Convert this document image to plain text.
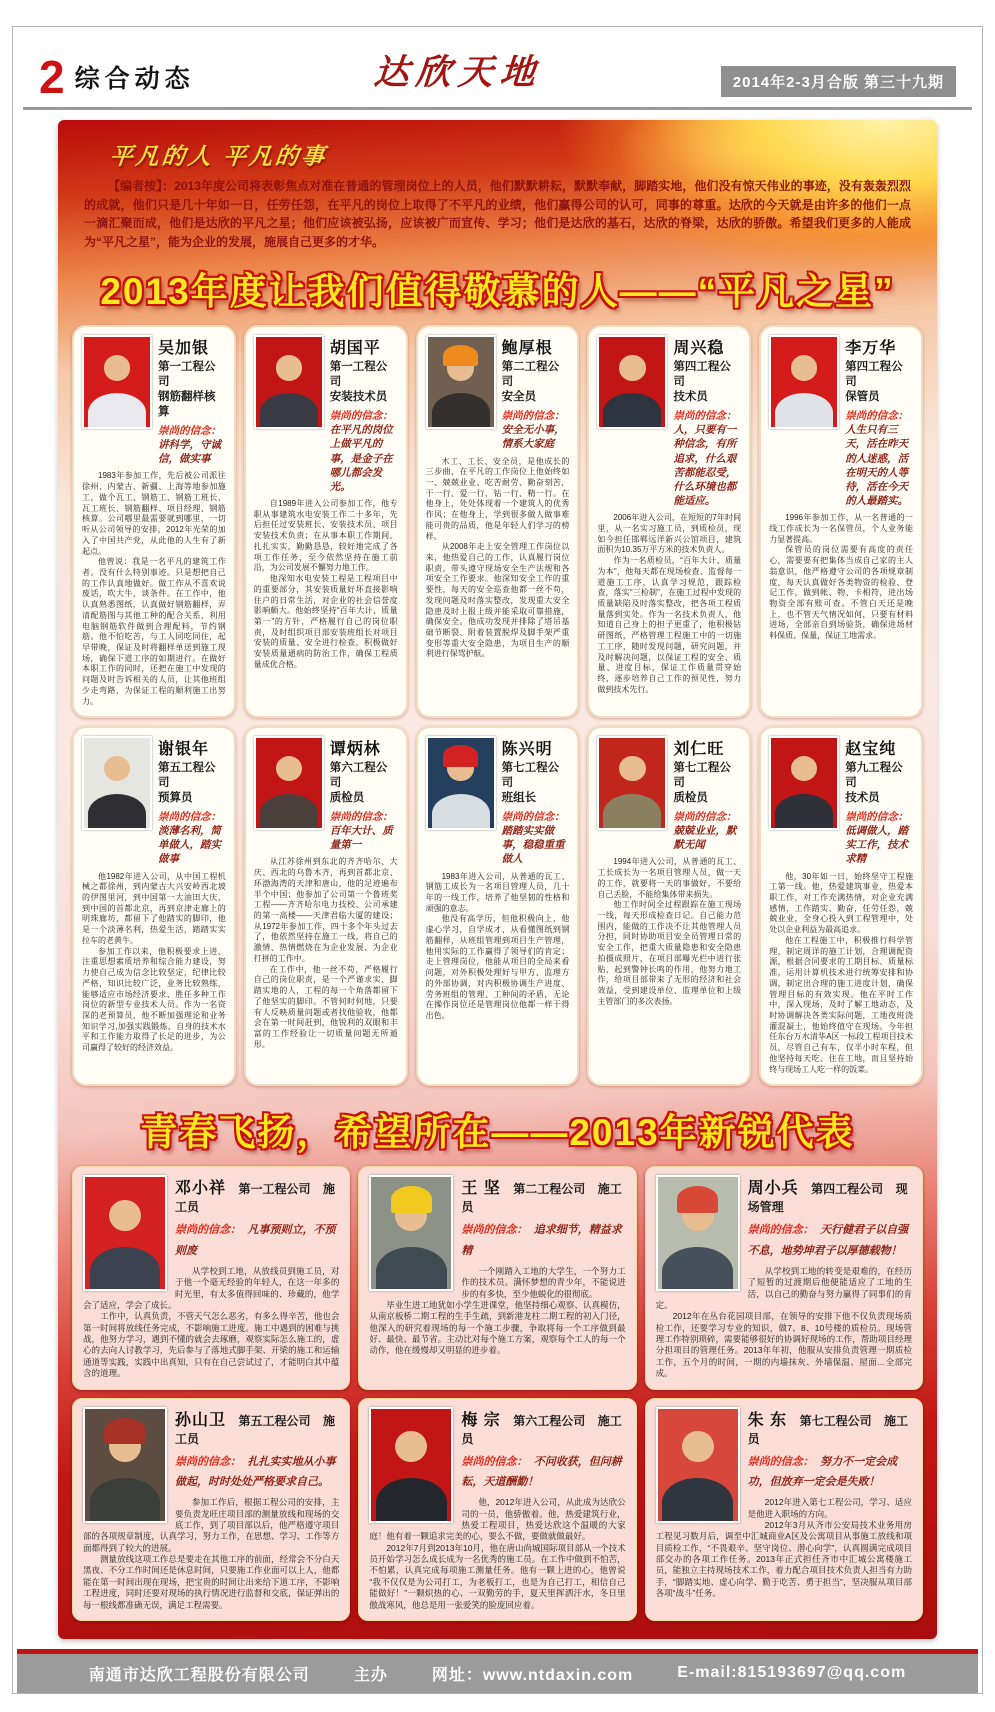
2 综合动态	达欣天地	2014年2-3月合版 第三十九期
平凡的人 平凡的事

【编者按】：2013年度公司将表彰焦点对准在普通的管理岗位上的人员，他们默默耕耘，默默奉献，脚踏实地，他们没有惊天伟业的事迹，没有轰轰烈烈的成就，他们只是几十年如一日，任劳任怨，在平凡的岗位上取得了不平凡的业绩，他们赢得公司的认可，同事的尊重。达欣的今天就是由许多的他们一点一滴汇聚而成，他们是达欣的平凡之星；他们应该被弘扬，应该被广而宣传、学习；他们是达欣的基石，达欣的脊梁，达欣的骄傲。希望我们更多的人能成为“平凡之星”，能为企业的发展，施展自己更多的才华。

2013年度让我们值得敬慕的人——“平凡之星”
吴加银
第一工程公司
钢筋翻样核算
崇尚的信念：
讲科学，守诚信，做实事

1983年参加工作，先后被公司派往徐州、内蒙古、新疆、上海等地参加施工，做个瓦工、钢筋工、钢筋工班长、瓦工班长、钢筋翻样、项目经理、钢筋核算。公司哪里最需要就到哪里，一切听从公司领导的安排，2012年光荣的加入了中国共产党，从此他的人生有了新起点。

他曾说：我是一名平凡的建筑工作者。没有什么特别事迹。只是想把自己的工作认真地做好。做工作从不喜欢说废话，吹大牛，谈条件。在工作中，他认真熟悉图纸，认真做好钢筋翻样，弄清配筋图与其他工种的配合关系，利用电脑钢筋软件做到合理配料，节约钢筋。他不怕吃苦，与工人同吃同住，起早带晚，保证及时将翻样单送到施工现场，确保下道工序的如期进行。在做好本职工作的同时，还把在施工中发现的问题及时告诉相关的人员，让其他班组少走弯路，为保证工程的顺利施工出努力。

胡国平
第一工程公司
安装技术员
崇尚的信念：
在平凡的岗位上做平凡的事，是金子在哪儿都会发光。

自1989年进入公司参加工作，他专职从事建筑水电安装工作二十多年，先后担任过安装班长、安装技术员、项目安装技术负责；在从事本职工作期间，扎扎实实，勤勤恳恳，较好地完成了各项工作任务，至今依然坚持在施工前沿，为公司发展不懈努力地工作。

他深知水电安装工程是工程项目中的重要部分，其安装质量好坏直接影响住户的日常生活，对企业的社会信誉度影响颇大。他始终坚持“百年大计、质量第一”的方针，严格履行自己的岗位职责，及时组织项目部安装班组长对项目安装的质量、安全进行检查，积极做好安装质量通病的防治工作，确保工程质量成优合格。

鲍厚根
第二工程公司
安全员
崇尚的信念：
安全无小事，情系大家庭

木工、工长、安全员，是他成长的三步曲，在平凡的工作岗位上他始终如一、兢兢业业、吃苦耐劳、勤奋刻苦，干一行、爱一行，钻一行、精一行。在他身上，处处体现着一个建筑人的优秀作风；在他身上，学到很多做人做事难能可贵的品质，他是年轻人们学习的榜样。

从2008年走上安全管理工作岗位以来，他热爱自己的工作，认真履行岗位职责，带头遵守现场安全生产法规和各项安全工作要求。他深知安全工作的重要性，每天的安全巡查他都一丝不苟，发现问题及时落实整改，发现重大安全隐患及时上报上级并能采取可靠措施，确保安全。他成功发现并排除了塔吊基础节断裂、附着装置脱焊及脚手架严重变形等重大安全隐患，为项目生产的顺利进行保驾护航。

周兴稳
第四工程公司
技术员
崇尚的信念：
人，只要有一种信念，有所追求，什么艰苦都能忍受，什么环境也都能适应。

2006年进入公司，在短短的7年时间里，从一名实习施工员，到质检员，现如今担任邯郸远洋新兴公馆项目，建筑面积为10.35万平方米的技术负责人。

作为一名质检员，“百年大计、质量为本”，他每天都在现场检查、监督每一道施工工序，认真学习规范，跟踪检查，落实“三检制”，在施工过程中发现的质量缺陷及时落实整改，把各项工程质量落到实处。作为一名技术负责人，他知道自己身上的担子更重了，他积极钻研图纸，严格管理工程施工中的一切施工工序，随时发现问题，研究问题，并及时解决问题，以保证工程的安全、质量、进度目标，保证工作质量贯穿始终，逐步培养自己工作的预见性，努力做到技术先行。

李万华
第四工程公司
保管员
崇尚的信念：
人生只有三天，活在昨天的人迷惑，活在明天的人等待，活在今天的人最踏实。

1996年参加工作，从一名普通的一线工作成长为一名保管员，个人业务能力显著提高。

保管员的岗位需要有高度的责任心，需要要有把集体当成自己家的主人翁意识，他严格遵守公司的各项规章制度，每天认真做好各类物资的检验、登记工作，做到帐、物、卡相符，进出场物资全部有账可查。不管白天还是晚上，也不管天气情况如何，只要有材料进场，全部亲自到场验货，确保进场材料保质、保量，保证工地需求。

谢银年
第五工程公司
预算员
崇尚的信念：
淡薄名利，简单做人，踏实做事

他1982年进入公司，从中国工程机械之都徐州，到内蒙古大兴安岭西北坡的伊图里河，到中国第一大油田大庆，到中国的首都北京，再到京津走廊上的明珠廊坊，都留下了他踏实的脚印，他是一个淡薄名利，热爱生活，踏踏实实拉车的老黄牛。

参加工作以来，他积极要求上进，注重思想素质培养和综合能力建设，努力使自己成为信念比较坚定，纪律比较严格，知识比较广泛，业务比较熟练，能够适应市场经济要求、胜任多种工作岗位的新型专业技术人员。作为一名资深的老预算员，他不断加强理论和业务知识学习,加强实践锻炼，自身的技术水平和工作能力取得了长足的进步，为公司赢得了较好的经济效益。

谭炳林
第六工程公司
质检员
崇尚的信念：
百年大计、质量第一

从江苏徐州到东北的齐齐哈尔、大庆、西北的乌鲁木齐，再到首都北京、环渤海湾的天津和唐山，他的足迹遍布半个中国；他参加了公司第一个鲁班奖工程——齐齐哈尔电力技校、公司承建的第一高楼——天津君临大厦的建设；从1972年参加工作，四十多个年头过去了，他依然坚持在施工一线，将自己的激情、热情燃烧在为企业发展、为企业打拼的工作中。

在工作中，他一丝不苟，严格履行自己的岗位职责，是一个严谨求实、脚踏实地的人，工程的每一个角落都留下了他坚实的脚印。不管何时何地，只要有人反映质量问题或者找他验收，他都会在第一时间赶到，他锐利的双眼和丰富的工作经验让一切质量问题无所遁形。

陈兴明
第七工程公司
班组长
崇尚的信念：
踏踏实实做事，稳稳重重做人

1983年进入公司，从普通的瓦工、钢筋工成长为一名项目管理人员，几十年的一线工作，培养了他坚韧的性格和顽强的意志。

他没有高学历，但他积极向上，他虚心学习，自学成才，从看懂图纸到钢筋翻样，从班组管理到项目生产管理，他用实际的工作赢得了领导们的肯定；走上管理岗位，他能从项目的全局来看问题，对外积极处理好与甲方、监理方的外部协调，对内积极协调生产进度、劳务班组的管理、工种间的矛盾，无论在操作岗位还是管理岗位他都一样干得出色。

刘仁旺
第七工程公司
质检员
崇尚的信念：
兢兢业业，默默无闻

1994年进入公司，从普通的瓦工、工长成长为一名项目管理人员，做一天的工作，就要将一天的事做好，不要给自己丢脸，不能给集体带来损失。

他工作时间全过程跟踪在施工现场一线，每天形成检查日记。自己能力范围内，能做的工作决不让其他管理人员分担，同时协助项目安全员管理日常的安全工作，把重大质量隐患和安全隐患拍摄成照片，在项目部曝光栏中进行张贴，起到警钟长鸣的作用，他努力地工作，给项目部带来了无形的经济和社会效益，受到建设单位、监理单位和上级主管部门的多次表扬。

赵宝纯
第九工程公司
技术员
崇尚的信念：
低调做人，踏实工作，技术求精

他，30年如一日，始终坚守工程施工第一线。他，热爱建筑事业，热爱本职工作，对工作充满热情，对企业充满感情，工作踏实、勤奋，任劳任怨，兢兢业业，全身心投入到工程管理中，处处以企业利益为最高追求。

他在工程施工中，积极推行科学管理，制定周详的施工计划，合理调配资源，根据合同要求的工期目标、质量标准，运用计算机技术进行统筹安排和协调，制定出合理的施工进度计划，确保管理目标的有效实现。他在平时工作中，深入现场，及时了解工地动态，及时协调解决各类实际问题，工地夜班浇灌混凝土，他始终值守在现场。今年担任东台万水清华A区一标段工程项目技术员，尽管自己有车，仅半小时车程，但他坚持每天吃、住在工地，而且坚持始终与现场工人吃一样的饭菜。

青春飞扬，希望所在——2013年新锐代表
邓小祥 第一工程公司 施工员
崇尚的信念： 凡事预则立，不预则废

从学校到工地，从放线员到施工员，对于他一个毫无经验的年轻人，在这一年多的时光里，有太多值得回味的、珍藏的，他学会了适应，学会了成长。

工作中，认真负责，不管天气怎么恶劣，有多么得辛苦，他也会第一时间将放线任务完成，不影响施工进度。施工中遇到的困难与挑战，他努力学习，遇到不懂的就会去琢磨，观察实际怎么施工的，虚心的去向人讨教学习，先后参与了落地式脚手架、开梁的施工和运输通道等实践，实践中出真知，只有在自己尝试过了，才能明白其中蕴含的道理。

王 坚 第二工程公司 施工员
崇尚的信念： 追求细节，精益求精

一个刚踏入工地的大学生，一个努力工作的技术员。满怀梦想的青少年，不能说进步的有多快，至少他蜕化的很彻底。

毕业生进工地犹如小学生进课堂，他坚持细心观察、认真模仿，从南京板桥二期工程的生手生疏，到新港龙柱二期工程的初入门径，他深入的研究着现场的每一个施工步骤，争取将每一个工序做到最好、最快、最节省。主动比对每个施工方案，观察每个工人的每一个动作，他在缓慢却又明显的进步着。

周小兵 第四工程公司 现场管理
崇尚的信念： 天行健君子以自强不息，地势坤君子以厚德载物！

从学校到工地的转变是艰难的，在经历了短暂的过渡期后他便能适应了工地的生活，以自己的勤奋与努力赢得了同事们的肯定。

2012年在丛台花园项目部，在领导的安排下他不仅负责现场质检工作，还要学习专业的知识，做7、8、10号楼的质检员。现场管理工作特别琐碎，需要能够很好的协调好现场的工作，帮助项目经理分担项目的管理任务。2013年年初，他服从安排负责管理一期质检工作，五个月的时间，一期的内墙抹灰、外墙保温、屋面…全部完成。

孙山卫 第五工程公司 施工员
崇尚的信念： 扎扎实实地从小事做起，时时处处严格要求自己。

参加工作后，根据工程公司的安排，主要负责龙旺庄项目部的测量放线和现场的交底工作，到了项目部以后，他严格遵守项目部的各项规章制度，认真学习，努力工作，在思想、学习、工作等方面都得到了较大的进展。

测量放线这项工作总是要走在其他工序的前面，经常会不分白天黑夜、不分工作时间还是休息时间，只要施工作业面可以上人，他都能在第一时间出现在现场，把宝贵的时间让出来给下道工序，不影响工程进度，同时还要对现场的执行情况进行监督和交底，保证弹出的每一根线都准确无误，满足工程需要。

梅 宗 第六工程公司 施工员
崇尚的信念： 不问收获，但问耕耘，天道酬勤！

他，2012年进入公司，从此成为达欣公司的一员，他骄傲着。他，热爱建筑行业，热爱工程项目，热爱达欣这个温暖的大家庭！他有着一颗追求完美的心，要么不做，要做就做最好。

2012年7月到2013年10月，他在唐山尚城国际项目部从一个技术员开始学习怎么成长成为一名优秀的施工员。在工作中做到不怕苦，不怕累，认真完成每项施工测量任务。他有一颗上进的心，他曾说“我不仅仅是为公司打工，为老板打工，也是为自己打工，相信自己能做好！”一颗炽热的心、一双勤劳的手，夏天里挥洒汗水，冬日里傲战寒风，他总是用一张爱笑的脸庞回应着。

朱 东 第七工程公司 施工员
崇尚的信念： 努力不一定会成功，但放弃一定会是失败！

2012年进入第七工程公司，学习、适应是他进入职场的方向。

2012年3月从齐市公安局技术业务用房工程见习数月后，调至中汇城商业A区及公寓项目从事施工放线和项目质检工作，“不畏艰辛、坚守岗位、潜心向学”，认真圆满完成项目部交办的各项工作任务。2013年正式担任齐市中汇城公寓楼施工员，能独立主持现场技术工作，着力配合项目技术负责人担当有力助手，“脚踏实地、虚心向学、勤于吃苦、勇于担当”，坚决服从项目部各项“战斗”任务。

南通市达欣工程股份有限公司	主办	网址：www.ntdaxin.com	E-mail:815193697@qq.com
